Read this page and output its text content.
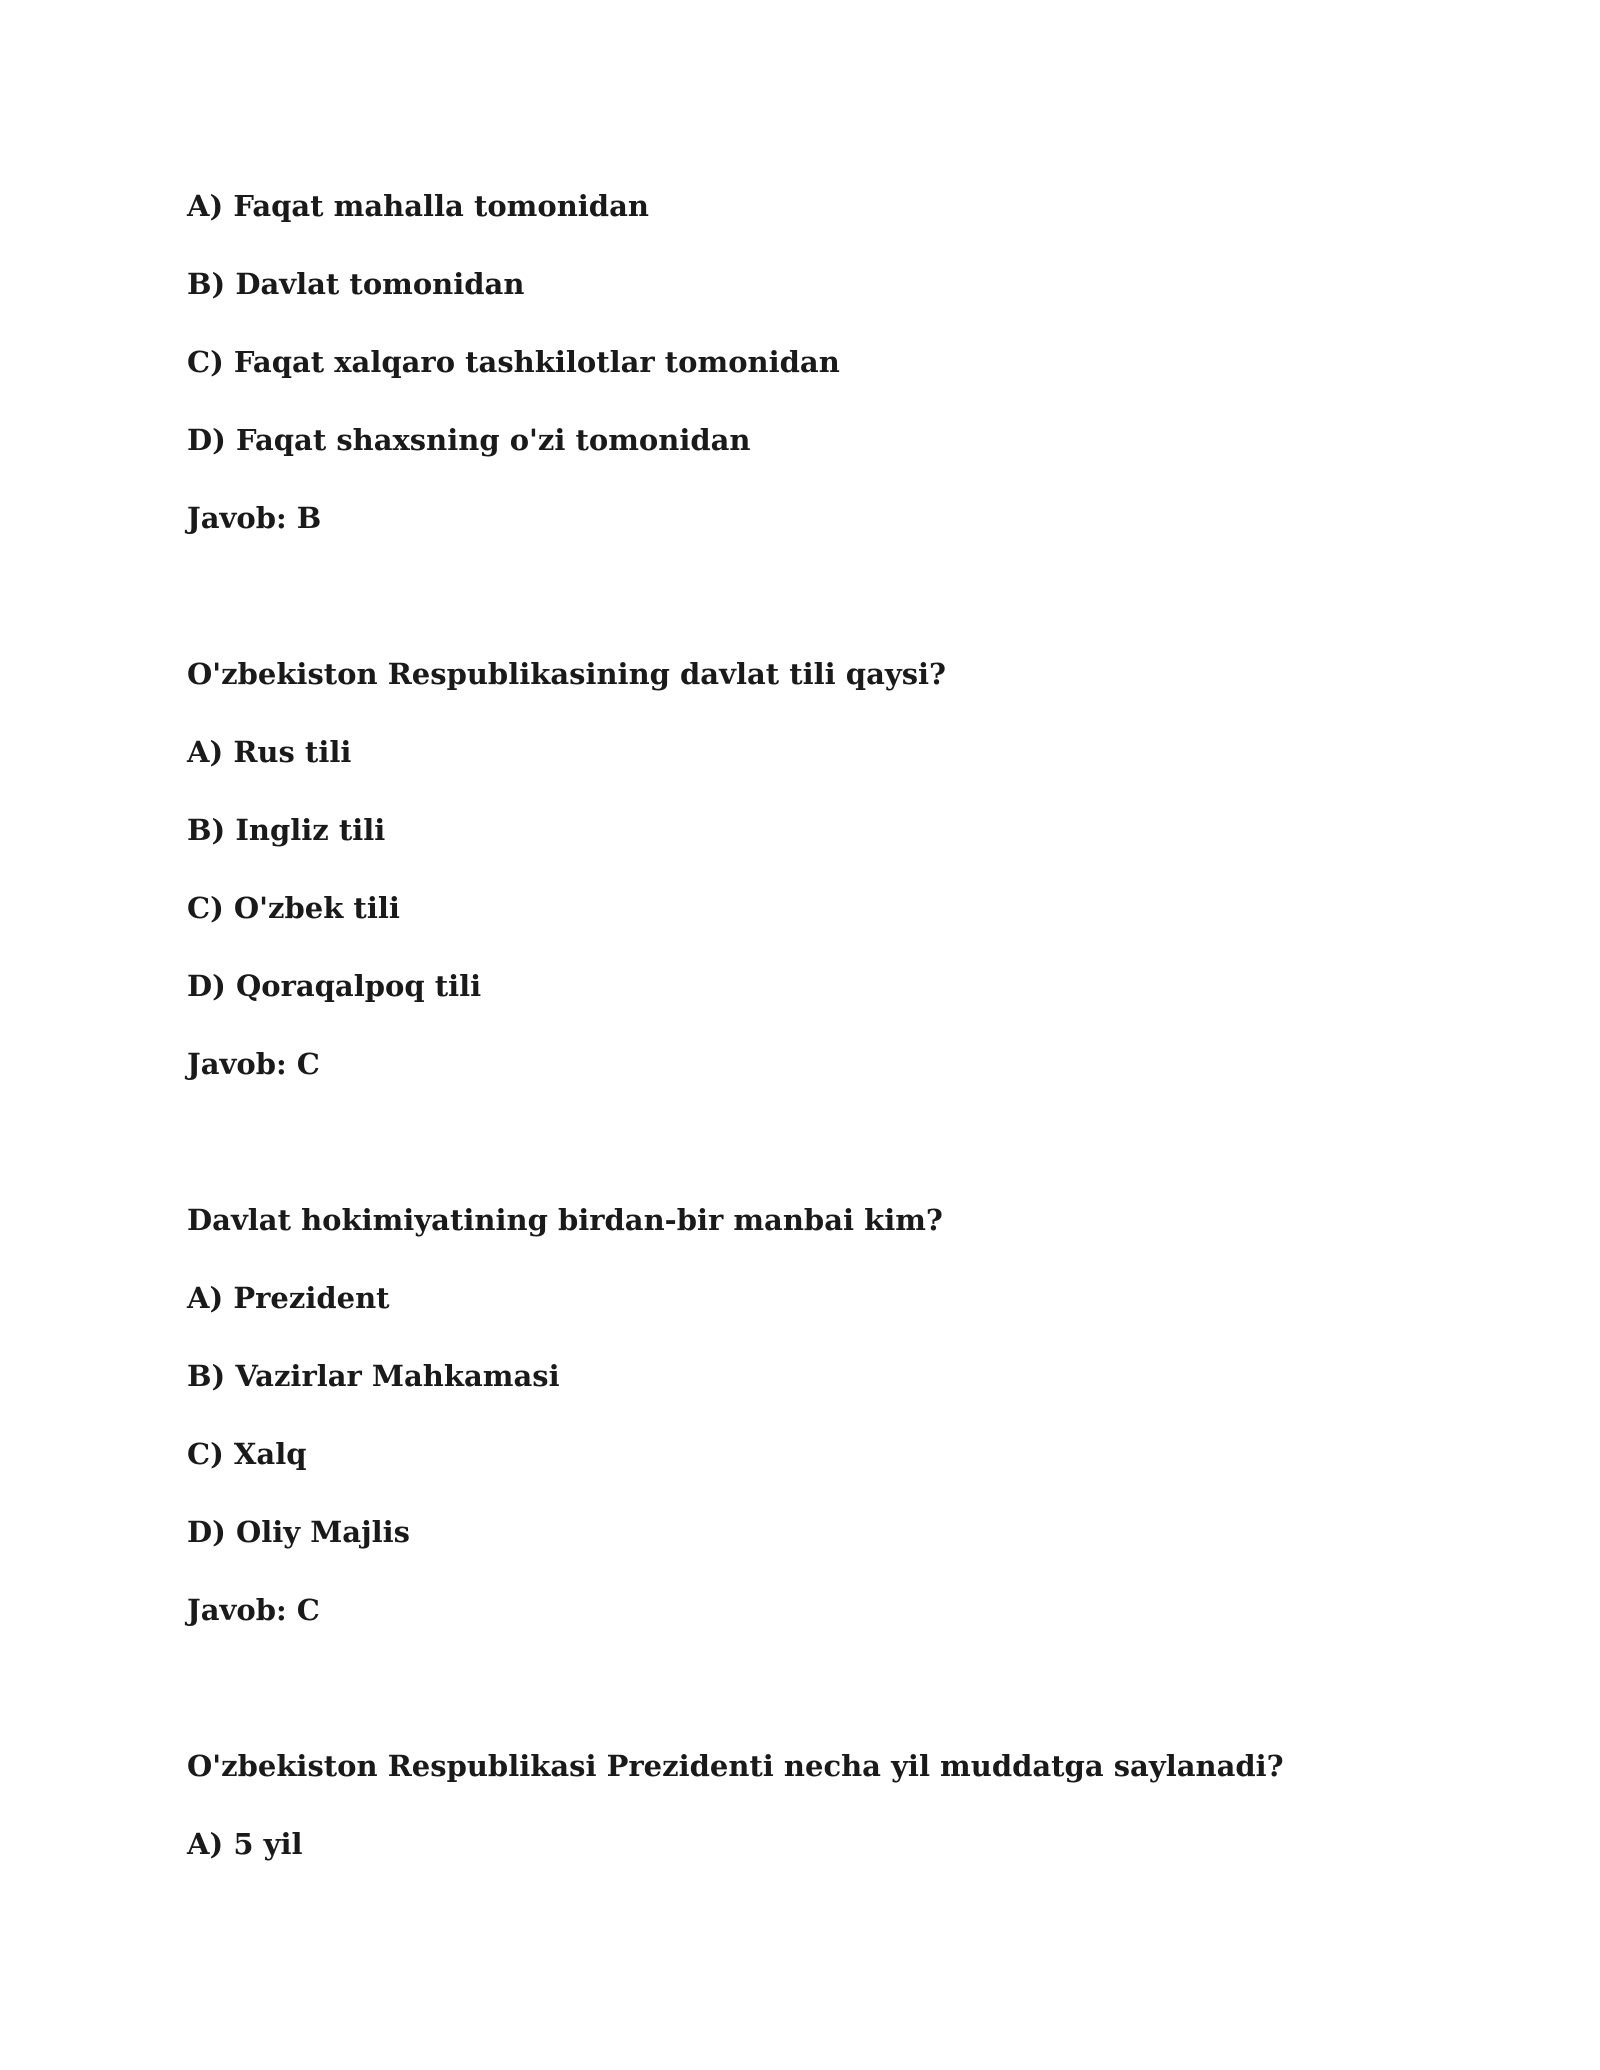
A) Faqat mahalla tomonidan
B) Davlat tomonidan
C) Faqat xalqaro tashkilotlar tomonidan
D) Faqat shaxsning o'zi tomonidan
Javob: B
O'zbekiston Respublikasining davlat tili qaysi?
A) Rus tili
B) Ingliz tili
C) O'zbek tili
D) Qoraqalpoq tili
Javob: C
Davlat hokimiyatining birdan-bir manbai kim?
A) Prezident
B) Vazirlar Mahkamasi
C) Xalq
D) Oliy Majlis
Javob: C
O'zbekiston Respublikasi Prezidenti necha yil muddatga saylanadi?
A) 5 yil
